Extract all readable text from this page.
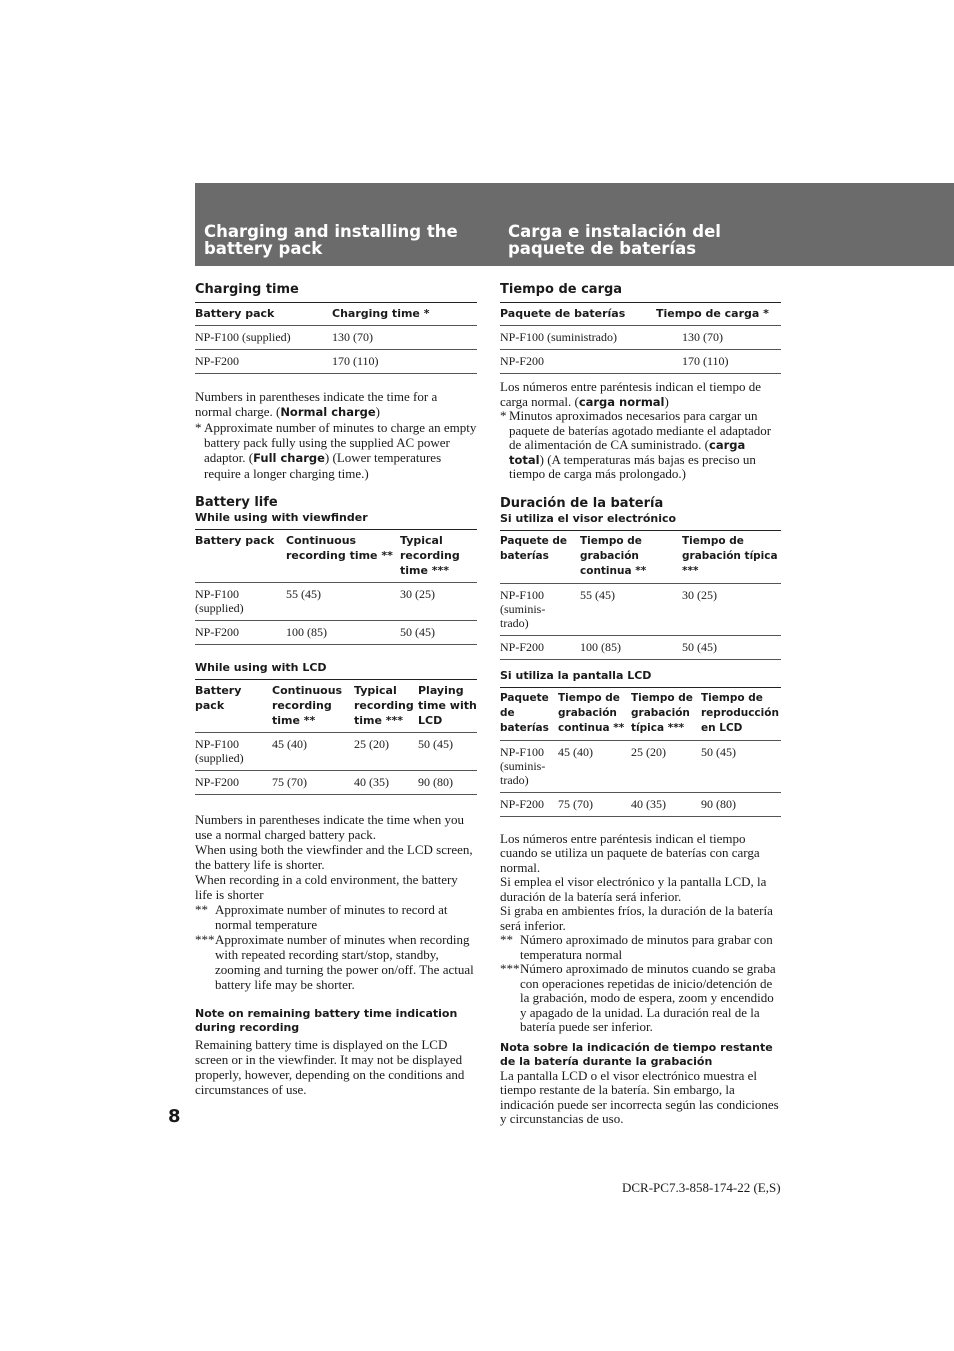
Charging and installing the
battery pack
Carga e instalación del
paquete de baterías
Charging time
Battery pack	Charging time *
NP-F100 (supplied)	130 (70)
NP-F200	170 (110)

Numbers in parentheses indicate the time for a normal charge. (Normal charge)

* Approximate number of minutes to charge an empty battery pack fully using the supplied AC power adaptor. (Full charge) (Lower temperatures require a longer charging time.)
Battery life
While using with viewfinder
Battery pack	Continuous recording time **	Typical recording time ***
NP-F100 (supplied)	55 (45)	30 (25)
NP-F200	100 (85)	50 (45)
While using with LCD
Battery pack	Continuous recording time **	Typical recording time ***	Playing time with LCD
NP-F100 (supplied)	45 (40)	25 (20)	50 (45)
NP-F200	75 (70)	40 (35)	90 (80)

Numbers in parentheses indicate the time when you use a normal charged battery pack.

When using both the viewfinder and the LCD screen, the battery life is shorter.

When recording in a cold environment, the battery life is shorter

** Approximate number of minutes to record at normal temperature
*** Approximate number of minutes when recording with repeated recording start/stop, standby, zooming and turning the power on/off. The actual battery life may be shorter.
Note on remaining battery time indication during recording

Remaining battery time is displayed on the LCD screen or in the viewfinder. It may not be displayed properly, however, depending on the conditions and circumstances of use.

Tiempo de carga
Paquete de baterías	Tiempo de carga *
NP-F100 (suministrado)	130 (70)
NP-F200	170 (110)

Los números entre paréntesis indican el tiempo de carga normal. (carga normal)

* Minutos aproximados necesarios para cargar un paquete de baterías agotado mediante el adaptador de alimentación de CA suministrado. (carga total) (A temperaturas más bajas es preciso un tiempo de carga más prolongado.)
Duración de la batería
Si utiliza el visor electrónico
Paquete de baterías	Tiempo de grabación continua **	Tiempo de grabación típica ***
NP-F100 (suminis-trado)	55 (45)	30 (25)
NP-F200	100 (85)	50 (45)
Si utiliza la pantalla LCD
Paquete de baterías	Tiempo de grabación continua **	Tiempo de grabación típica ***	Tiempo de reproducción en LCD
NP-F100 (suminis-trado)	45 (40)	25 (20)	50 (45)
NP-F200	75 (70)	40 (35)	90 (80)

Los números entre paréntesis indican el tiempo cuando se utiliza un paquete de baterías con carga normal.

Si emplea el visor electrónico y la pantalla LCD, la duración de la batería será inferior.

Si graba en ambientes fríos, la duración de la batería será inferior.

** Número aproximado de minutos para grabar con temperatura normal
*** Número aproximado de minutos cuando se graba con operaciones repetidas de inicio/detención de la grabación, modo de espera, zoom y encendido y apagado de la unidad. La duración real de la batería puede ser inferior.
Nota sobre la indicación de tiempo restante de la batería durante la grabación

La pantalla LCD o el visor electrónico muestra el tiempo restante de la batería. Sin embargo, la indicación puede ser incorrecta según las condiciones y circunstancias de uso.

8
DCR-PC7.3-858-174-22 (E,S)
